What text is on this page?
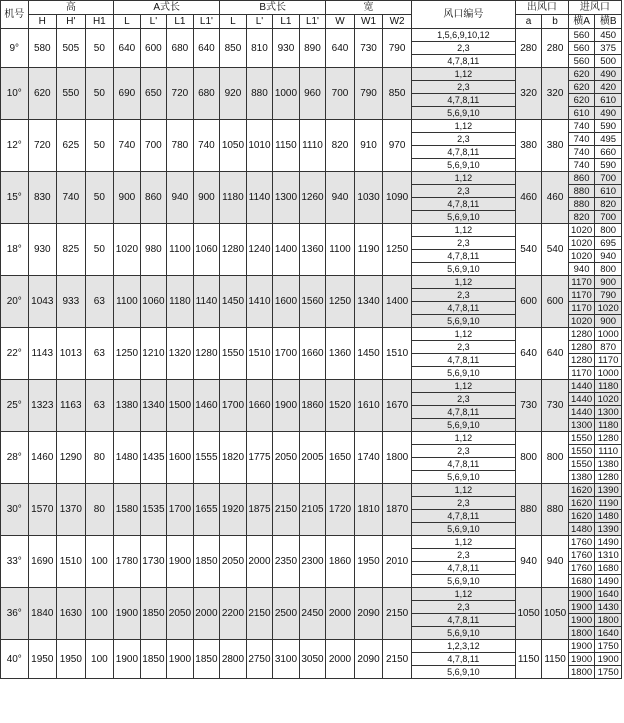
机号	高			A式长				B式长				宽			风口编号	出风口		进风口	
	H	H'	H1	L	L'	L1	L1'	L	L'	L1	L1'	W	W1	W2		a	b	横A	横B
9°	580	505	50	640	600	680	640	850	810	930	890	640	730	790	1,5,6,9,10,12	280	280	560	450
															2,3			560	375
															4,7,8,11			560	500
10°	620	550	50	690	650	720	680	920	880	1000	960	700	790	850	1,12	320	320	620	490
															2,3			620	420
															4,7,8,11			620	610
															5,6,9,10			610	490
12°	720	625	50	740	700	780	740	1050	1010	1150	1110	820	910	970	1,12	380	380	740	590
															2,3			740	495
															4,7,8,11			740	660
															5,6,9,10			740	590
15°	830	740	50	900	860	940	900	1180	1140	1300	1260	940	1030	1090	1,12	460	460	860	700
															2,3			880	610
															4,7,8,11			880	820
															5,6,9,10			820	700
18°	930	825	50	1020	980	1100	1060	1280	1240	1400	1360	1100	1190	1250	1,12	540	540	1020	800
															2,3			1020	695
															4,7,8,11			1020	940
															5,6,9,10			940	800
20°	1043	933	63	1100	1060	1180	1140	1450	1410	1600	1560	1250	1340	1400	1,12	600	600	1170	900
															2,3			1170	790
															4,7,8,11			1170	1020
															5,6,9,10			1020	900
22°	1143	1013	63	1250	1210	1320	1280	1550	1510	1700	1660	1360	1450	1510	1,12	640	640	1280	1000
															2,3			1280	870
															4,7,8,11			1280	1170
															5,6,9,10			1170	1000
25°	1323	1163	63	1380	1340	1500	1460	1700	1660	1900	1860	1520	1610	1670	1,12	730	730	1440	1180
															2,3			1440	1020
															4,7,8,11			1440	1300
															5,6,9,10			1300	1180
28°	1460	1290	80	1480	1435	1600	1555	1820	1775	2050	2005	1650	1740	1800	1,12	800	800	1550	1280
															2,3			1550	1110
															4,7,8,11			1550	1380
															5,6,9,10			1380	1280
30°	1570	1370	80	1580	1535	1700	1655	1920	1875	2150	2105	1720	1810	1870	1,12	880	880	1620	1390
															2,3			1620	1190
															4,7,8,11			1620	1480
															5,6,9,10			1480	1390
33°	1690	1510	100	1780	1730	1900	1850	2050	2000	2350	2300	1860	1950	2010	1,12	940	940	1760	1490
															2,3			1760	1310
															4,7,8,11			1760	1680
															5,6,9,10			1680	1490
36°	1840	1630	100	1900	1850	2050	2000	2200	2150	2500	2450	2000	2090	2150	1,12	1050	1050	1900	1640
															2,3			1900	1430
															4,7,8,11			1900	1800
															5,6,9,10			1800	1640
40°	1950	1950	100	1900	1850	1900	1850	2800	2750	3100	3050	2000	2090	2150	1,2,3,12	1150	1150	1900	1750
															4,7,8,11			1900	1900
															5,6,9,10			1800	1750
